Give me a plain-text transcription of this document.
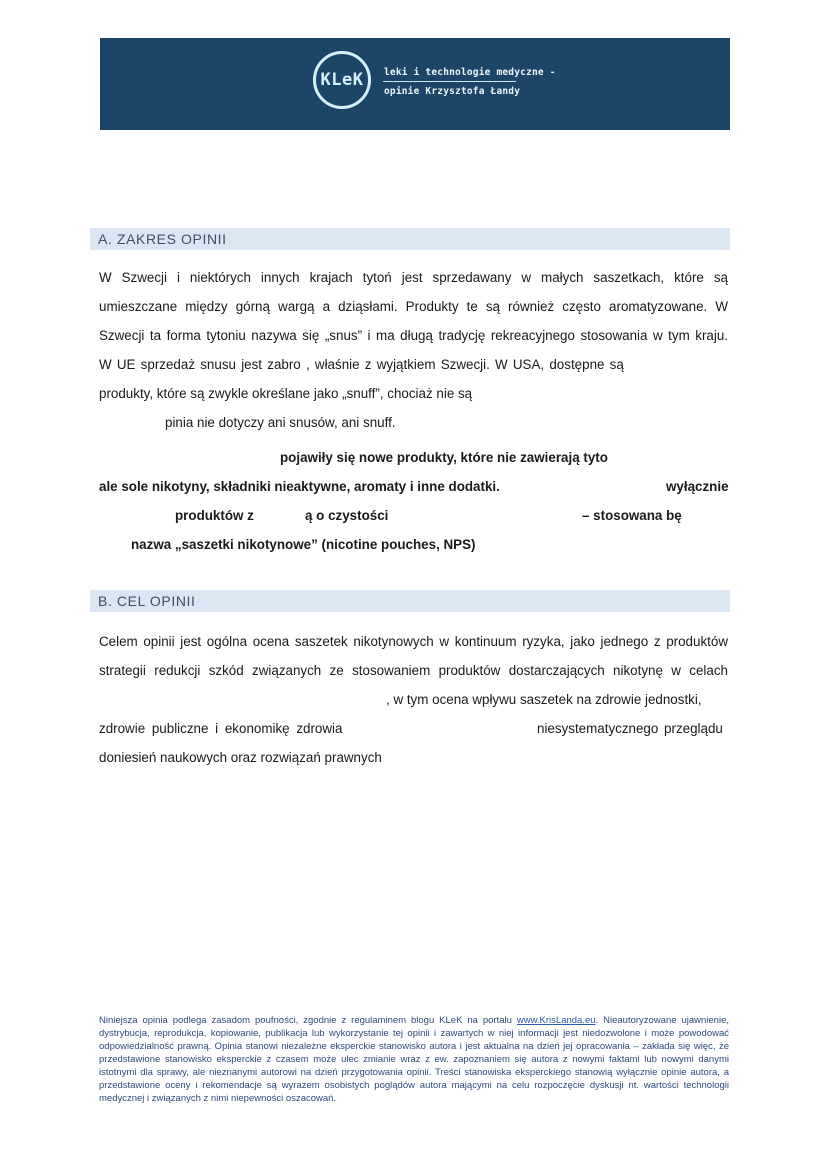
KLeK leki i technologie medyczne -
opinie Krzysztofa Łandy
A. ZAKRES OPINII
W Szwecji i niektórych innych krajach tytoń jest sprzedawany w małych saszetkach, które są
umieszczane między górną wargą a dziąsłami. Produkty te są również często aromatyzowane. W
Szwecji ta forma tytoniu nazywa się „snus” i ma długą tradycję rekreacyjnego stosowania w tym kraju.
W UE sprzedaż snusu jest zabro , właśnie z wyjątkiem Szwecji. W USA, dostępne są
produkty, które są zwykle określane jako „snuff”, chociaż nie są
pinia nie dotyczy ani snusów, ani snuff.
pojawiły się nowe produkty, które nie zawierają tyto
ale sole nikotyny, składniki nieaktywne, aromaty i inne dodatki.	wyłącznie
produktów z	ą o czystości	– stosowana bę
nazwa „saszetki nikotynowe” (nicotine pouches, NPS)
B. CEL OPINII
Celem opinii jest ogólna ocena saszetek nikotynowych w kontinuum ryzyka, jako jednego z produktów
strategii redukcji szkód związanych ze stosowaniem produktów dostarczających nikotynę w celach
, w tym ocena wpływu saszetek na zdrowie jednostki,
zdrowie publiczne i ekonomikę zdrowia	niesystematycznego przeglądu
doniesień naukowych oraz rozwiązań prawnych
Niniejsza opinia podlega zasadom poufności, zgodnie z regulaminem blogu KLeK na portalu www.KrisLanda.eu. Nieautoryzowane ujawnienie, dystrybucja, reprodukcja, kopiowanie, publikacja lub wykorzystanie tej opinii i zawartych w niej informacji jest niedozwolone i może powodować odpowiedzialność prawną. Opinia stanowi niezależne eksperckie stanowisko autora i jest aktualna na dzień jej opracowania – zakłada się więc, że przedstawione stanowisko eksperckie z czasem może ulec zmianie wraz z ew. zapoznaniem się autora z nowymi faktami lub nowymi danymi istotnymi dla sprawy, ale nieznanymi autorowi na dzień przygotowania opinii. Treści stanowiska eksperckiego stanowią wyłącznie opinie autora, a przedstawione oceny i rekomendacje są wyrazem osobistych poglądów autora mającymi na celu rozpoczęcie dyskusji nt. wartości technologii medycznej i związanych z nimi niepewności oszacowań.
